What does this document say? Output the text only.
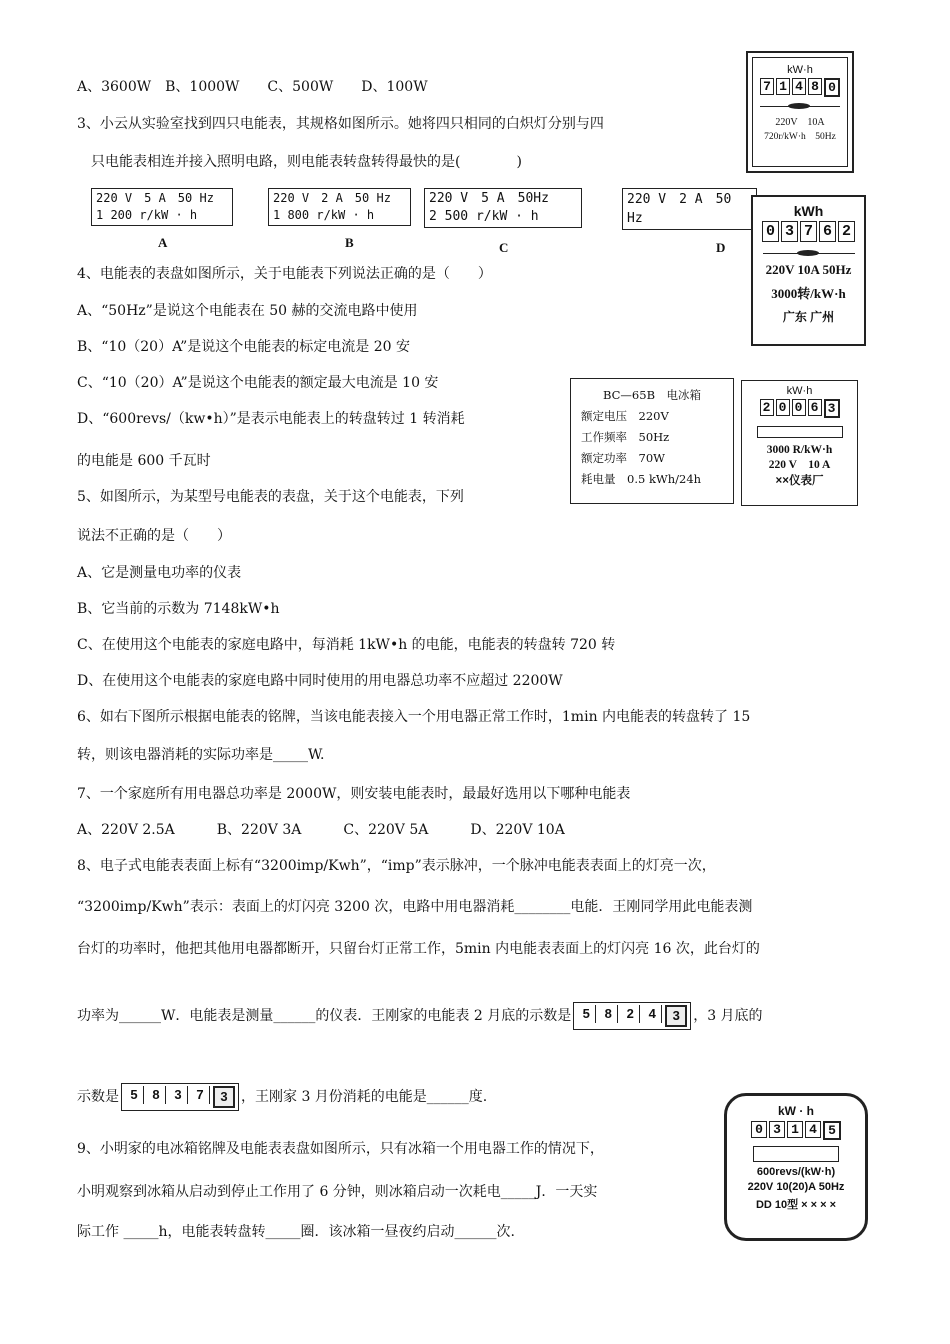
A、3600W　B、1000W　　C、500W　　D、100W
kW·h
7 1 4 8 0
220V　10A
720r/kW·h　50Hz
3、小云从实验室找到四只电能表，其规格如图所示。她将四只相同的白炽灯分别与四
只电能表相连并接入照明电路，则电能表转盘转得最快的是(　　　　)
220 V　5 A　50 Hz
1 200 r/kW · h
A
220 V　2 A　50 Hz
1 800 r/kW · h
B
220 V　5 A　50Hz
2 500 r/kW · h
C
220 V　2 A　50 Hz
D
kWh
0 3 7 6 2
220V 10A 50Hz
3000转/kW·h
广东 广州
4、电能表的表盘如图所示，关于电能表下列说法正确的是（　　）
A、“50Hz”是说这个电能表在 50 赫的交流电路中使用
B、“10（20）A”是说这个电能表的标定电流是 20 安
C、“10（20）A”是说这个电能表的额定最大电流是 10 安
D、“600revs/（kw•h）”是表示电能表上的转盘转过 1 转消耗
的电能是 600 千瓦时
BC—65B　电冰箱
额定电压　 220V
工作频率　 50Hz
额定功率　 70W
耗电量　 0.5 kWh/24h
kW·h
2 0 0 6 3
3000 R/kW·h
220 V　10 A
××仪表厂
5、如图所示，为某型号电能表的表盘，关于这个电能表，下列
说法不正确的是（　　）
A、它是测量电功率的仪表
B、它当前的示数为 7148kW•h
C、在使用这个电能表的家庭电路中，每消耗 1kW•h 的电能，电能表的转盘转 720 转
D、在使用这个电能表的家庭电路中同时使用的用电器总功率不应超过 2200W
6、如右下图所示根据电能表的铭牌，当该电能表接入一个用电器正常工作时，1min 内电能表的转盘转了 15
转，则该电器消耗的实际功率是_____W.
7、一个家庭所有用电器总功率是 2000W，则安装电能表时，最最好选用以下哪种电能表
A、220V 2.5A　　　B、220V 3A　　　C、220V 5A　　　D、220V 10A
8、电子式电能表表面上标有“3200imp/Kwh”，“imp”表示脉冲，一个脉冲电能表表面上的灯亮一次，
“3200imp/Kwh”表示：表面上的灯闪亮 3200 次，电路中用电器消耗________电能．王刚同学用此电能表测
台灯的功率时，他把其他用电器都断开，只留台灯正常工作，5min 内电能表表面上的灯闪亮 16 次，此台灯的
功率为______W．电能表是测量______的仪表．王刚家的电能表 2 月底的示数是 5	8	2	4	3 ，3 月底的
示数是 5	8	3	7	3 ，王刚家 3 月份消耗的电能是______度.
kW · h
0 3 1 4 5
600revs/(kW·h)
220V 10(20)A 50Hz
DD 10型 × × × ×
9、小明家的电冰箱铭牌及电能表表盘如图所示，只有冰箱一个用电器工作的情况下，
小明观察到冰箱从启动到停止工作用了 6 分钟，则冰箱启动一次耗电_____J．一天实
际工作 _____h，电能表转盘转_____圈．该冰箱一昼夜约启动______次.
